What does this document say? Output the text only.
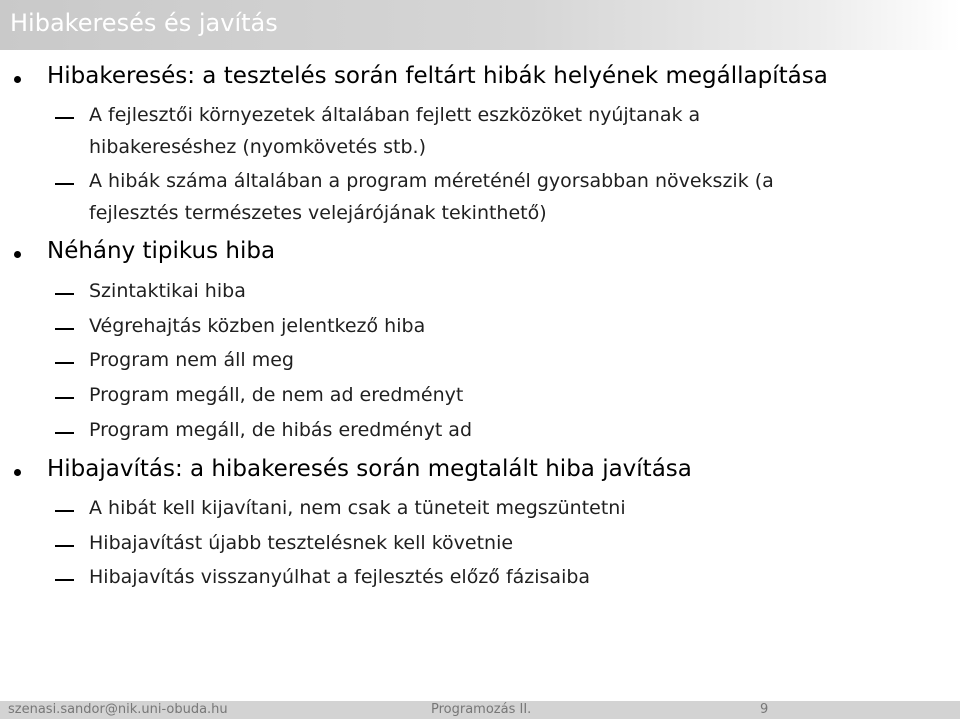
Hibakeresés és javítás
Hibakeresés: a tesztelés során feltárt hibák helyének megállapítása
A fejlesztői környezetek általában fejlett eszközöket nyújtanak a
hibakereséshez (nyomkövetés stb.)
A hibák száma általában a program méreténél gyorsabban növekszik (a
fejlesztés természetes velejárójának tekinthető)
Néhány tipikus hiba
Szintaktikai hiba
Végrehajtás közben jelentkező hiba
Program nem áll meg
Program megáll, de nem ad eredményt
Program megáll, de hibás eredményt ad
Hibajavítás: a hibakeresés során megtalált hiba javítása
A hibát kell kijavítani, nem csak a tüneteit megszüntetni
Hibajavítást újabb tesztelésnek kell követnie
Hibajavítás visszanyúlhat a fejlesztés előző fázisaiba
szenasi.sandor@nik.uni-obuda.hu	Programozás II.	9
